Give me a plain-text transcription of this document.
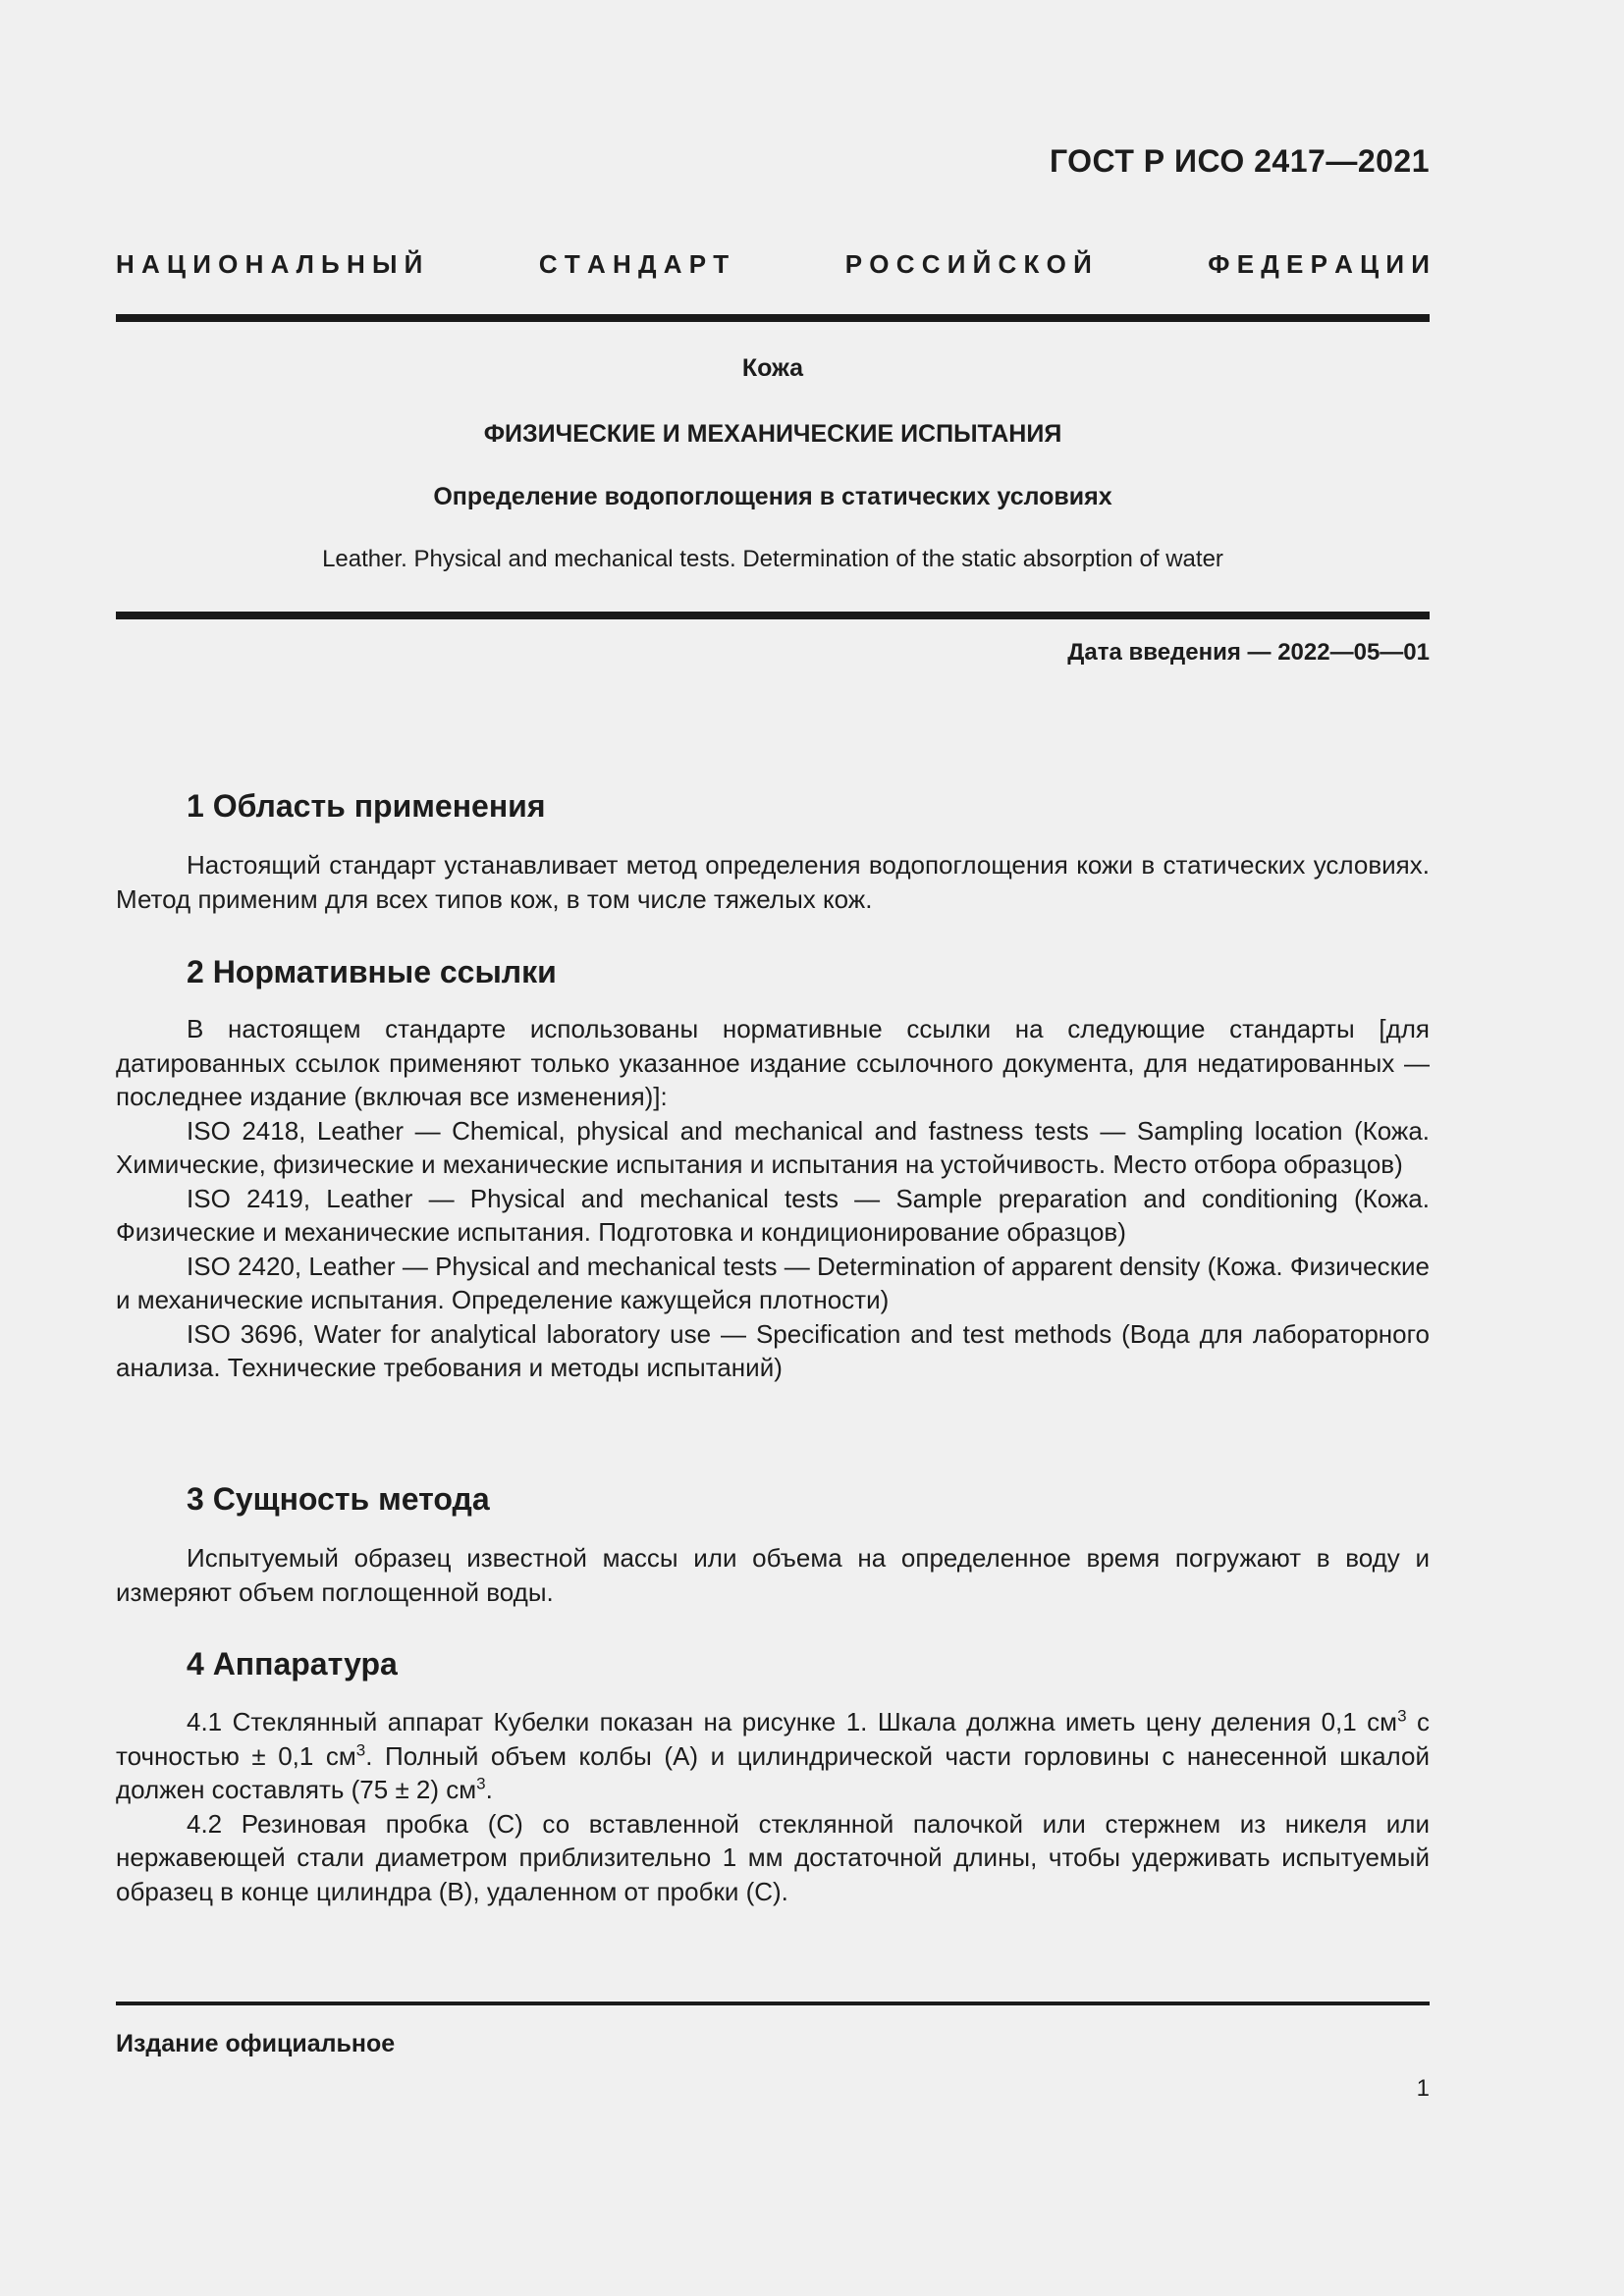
ГОСТ Р ИСО 2417—2021
Н А Ц И О Н А Л Ь Н Ы Й	С Т А Н Д А Р Т	Р О С С И Й С К О Й	Ф Е Д Е Р А Ц И И
Кожа
ФИЗИЧЕСКИЕ И МЕХАНИЧЕСКИЕ ИСПЫТАНИЯ
Определение водопоглощения в статических условиях
Leather. Physical and mechanical tests. Determination of the static absorption of water
Дата введения — 2022—05—01
1 Область применения

Настоящий стандарт устанавливает метод определения водопоглощения кожи в статических условиях. Метод применим для всех типов кож, в том числе тяжелых кож.

2 Нормативные ссылки

В настоящем стандарте использованы нормативные ссылки на следующие стандарты [для датированных ссылок применяют только указанное издание ссылочного документа, для недатированных — последнее издание (включая все изменения)]:

ISO 2418, Leather — Chemical, physical and mechanical and fastness tests — Sampling location (Кожа. Химические, физические и механические испытания и испытания на устойчивость. Место отбора образцов)

ISO 2419, Leather — Physical and mechanical tests — Sample preparation and conditioning (Кожа. Физические и механические испытания. Подготовка и кондиционирование образцов)

ISO 2420, Leather — Physical and mechanical tests — Determination of apparent density (Кожа. Физические и механические испытания. Определение кажущейся плотности)

ISO 3696, Water for analytical laboratory use — Specification and test methods (Вода для лабораторного анализа. Технические требования и методы испытаний)

3 Сущность метода

Испытуемый образец известной массы или объема на определенное время погружают в воду и измеряют объем поглощенной воды.

4 Аппаратура

4.1 Стеклянный аппарат Кубелки показан на рисунке 1. Шкала должна иметь цену деления 0,1 $см^3$ с точностью ± 0,1 $см^3$. Полный объем колбы (А) и цилиндрической части горловины с нанесенной шкалой должен составлять (75 ± 2) $см^3$.

4.2 Резиновая пробка (С) со вставленной стеклянной палочкой или стержнем из никеля или нержавеющей стали диаметром приблизительно 1 мм достаточной длины, чтобы удерживать испытуемый образец в конце цилиндра (В), удаленном от пробки (С).

Издание официальное
1
